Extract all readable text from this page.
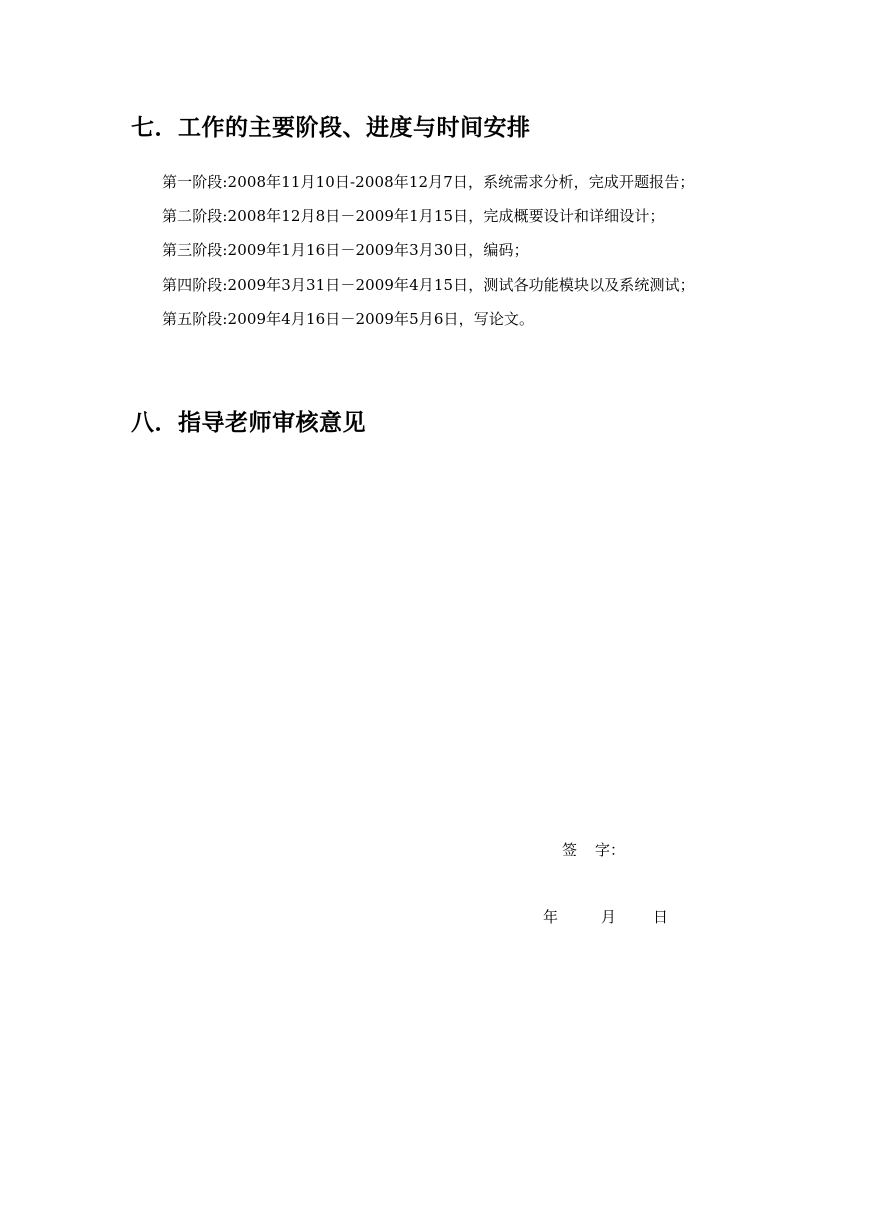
七．工作的主要阶段、进度与时间安排
第一阶段:2008年11月10日-2008年12月7日，系统需求分析，完成开题报告；
第二阶段:2008年12月8日－2009年1月15日，完成概要设计和详细设计；
第三阶段:2009年1月16日－2009年3月30日，编码；
第四阶段:2009年3月31日－2009年4月15日，测试各功能模块以及系统测试；
第五阶段:2009年4月16日－2009年5月6日，写论文。
八．指导老师审核意见
签 字：
年	月 日
